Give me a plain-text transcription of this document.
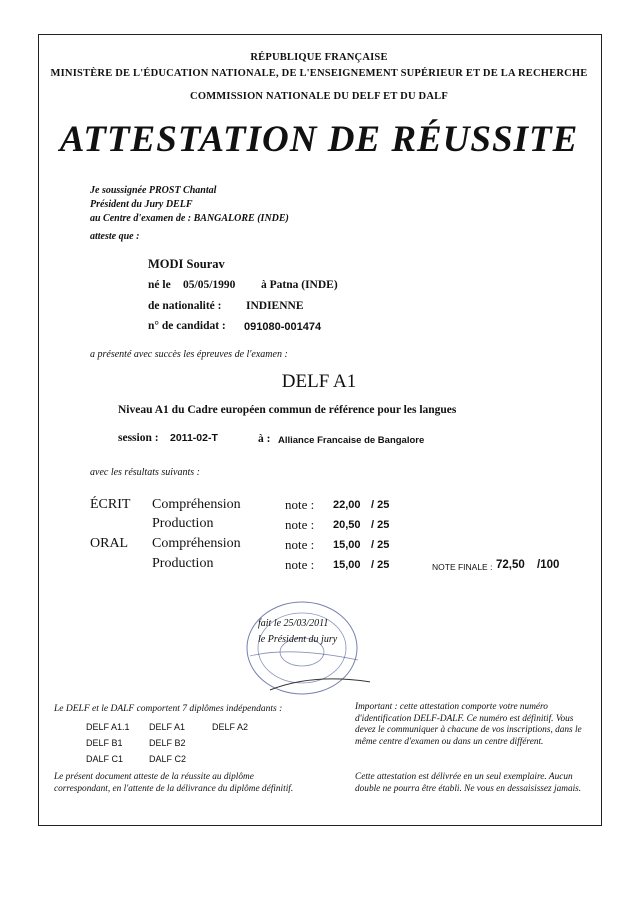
RÉPUBLIQUE FRANÇAISE
MINISTÈRE DE L'ÉDUCATION NATIONALE, DE L'ENSEIGNEMENT SUPÉRIEUR ET DE LA RECHERCHE
COMMISSION NATIONALE DU DELF ET DU DALF
ATTESTATION DE RÉUSSITE
Je soussignée PROST Chantal
Président du Jury DELF
au Centre d'examen de : BANGALORE (INDE)
atteste que :
MODI Sourav
né le 05/05/1990 à Patna (INDE)
de nationalité : INDIENNE
n° de candidat : 091080-001474
a présenté avec succès les épreuves de l'examen :
DELF A1
Niveau A1 du Cadre européen commun de référence pour les langues
session : 2011-02-T	à : Alliance Francaise de Bangalore
avec les résultats suivants :
ÉCRIT Compréhension	note : 22,00 / 25
Production	note : 20,50 / 25
ORAL Compréhension	note : 15,00 / 25
Production	note : 15,00 / 25	NOTE FINALE : 72,50 /100
fait le 25/03/2011
le Président du jury
Le DELF et le DALF comportent 7 diplômes indépendants :
DELF A1.1 DELF A1	DELF A2
DELF B1	DELF B2
DALF C1	DALF C2
Important : cette attestation comporte votre numéro d'identification DELF-DALF. Ce numéro est définitif. Vous devez le communiquer à chacune de vos inscriptions, dans le même centre d'examen ou dans un centre différent.
Le présent document atteste de la réussite au diplôme correspondant, en l'attente de la délivrance du diplôme définitif.
Cette attestation est délivrée en un seul exemplaire. Aucun double ne pourra être établi. Ne vous en dessaisissez jamais.
